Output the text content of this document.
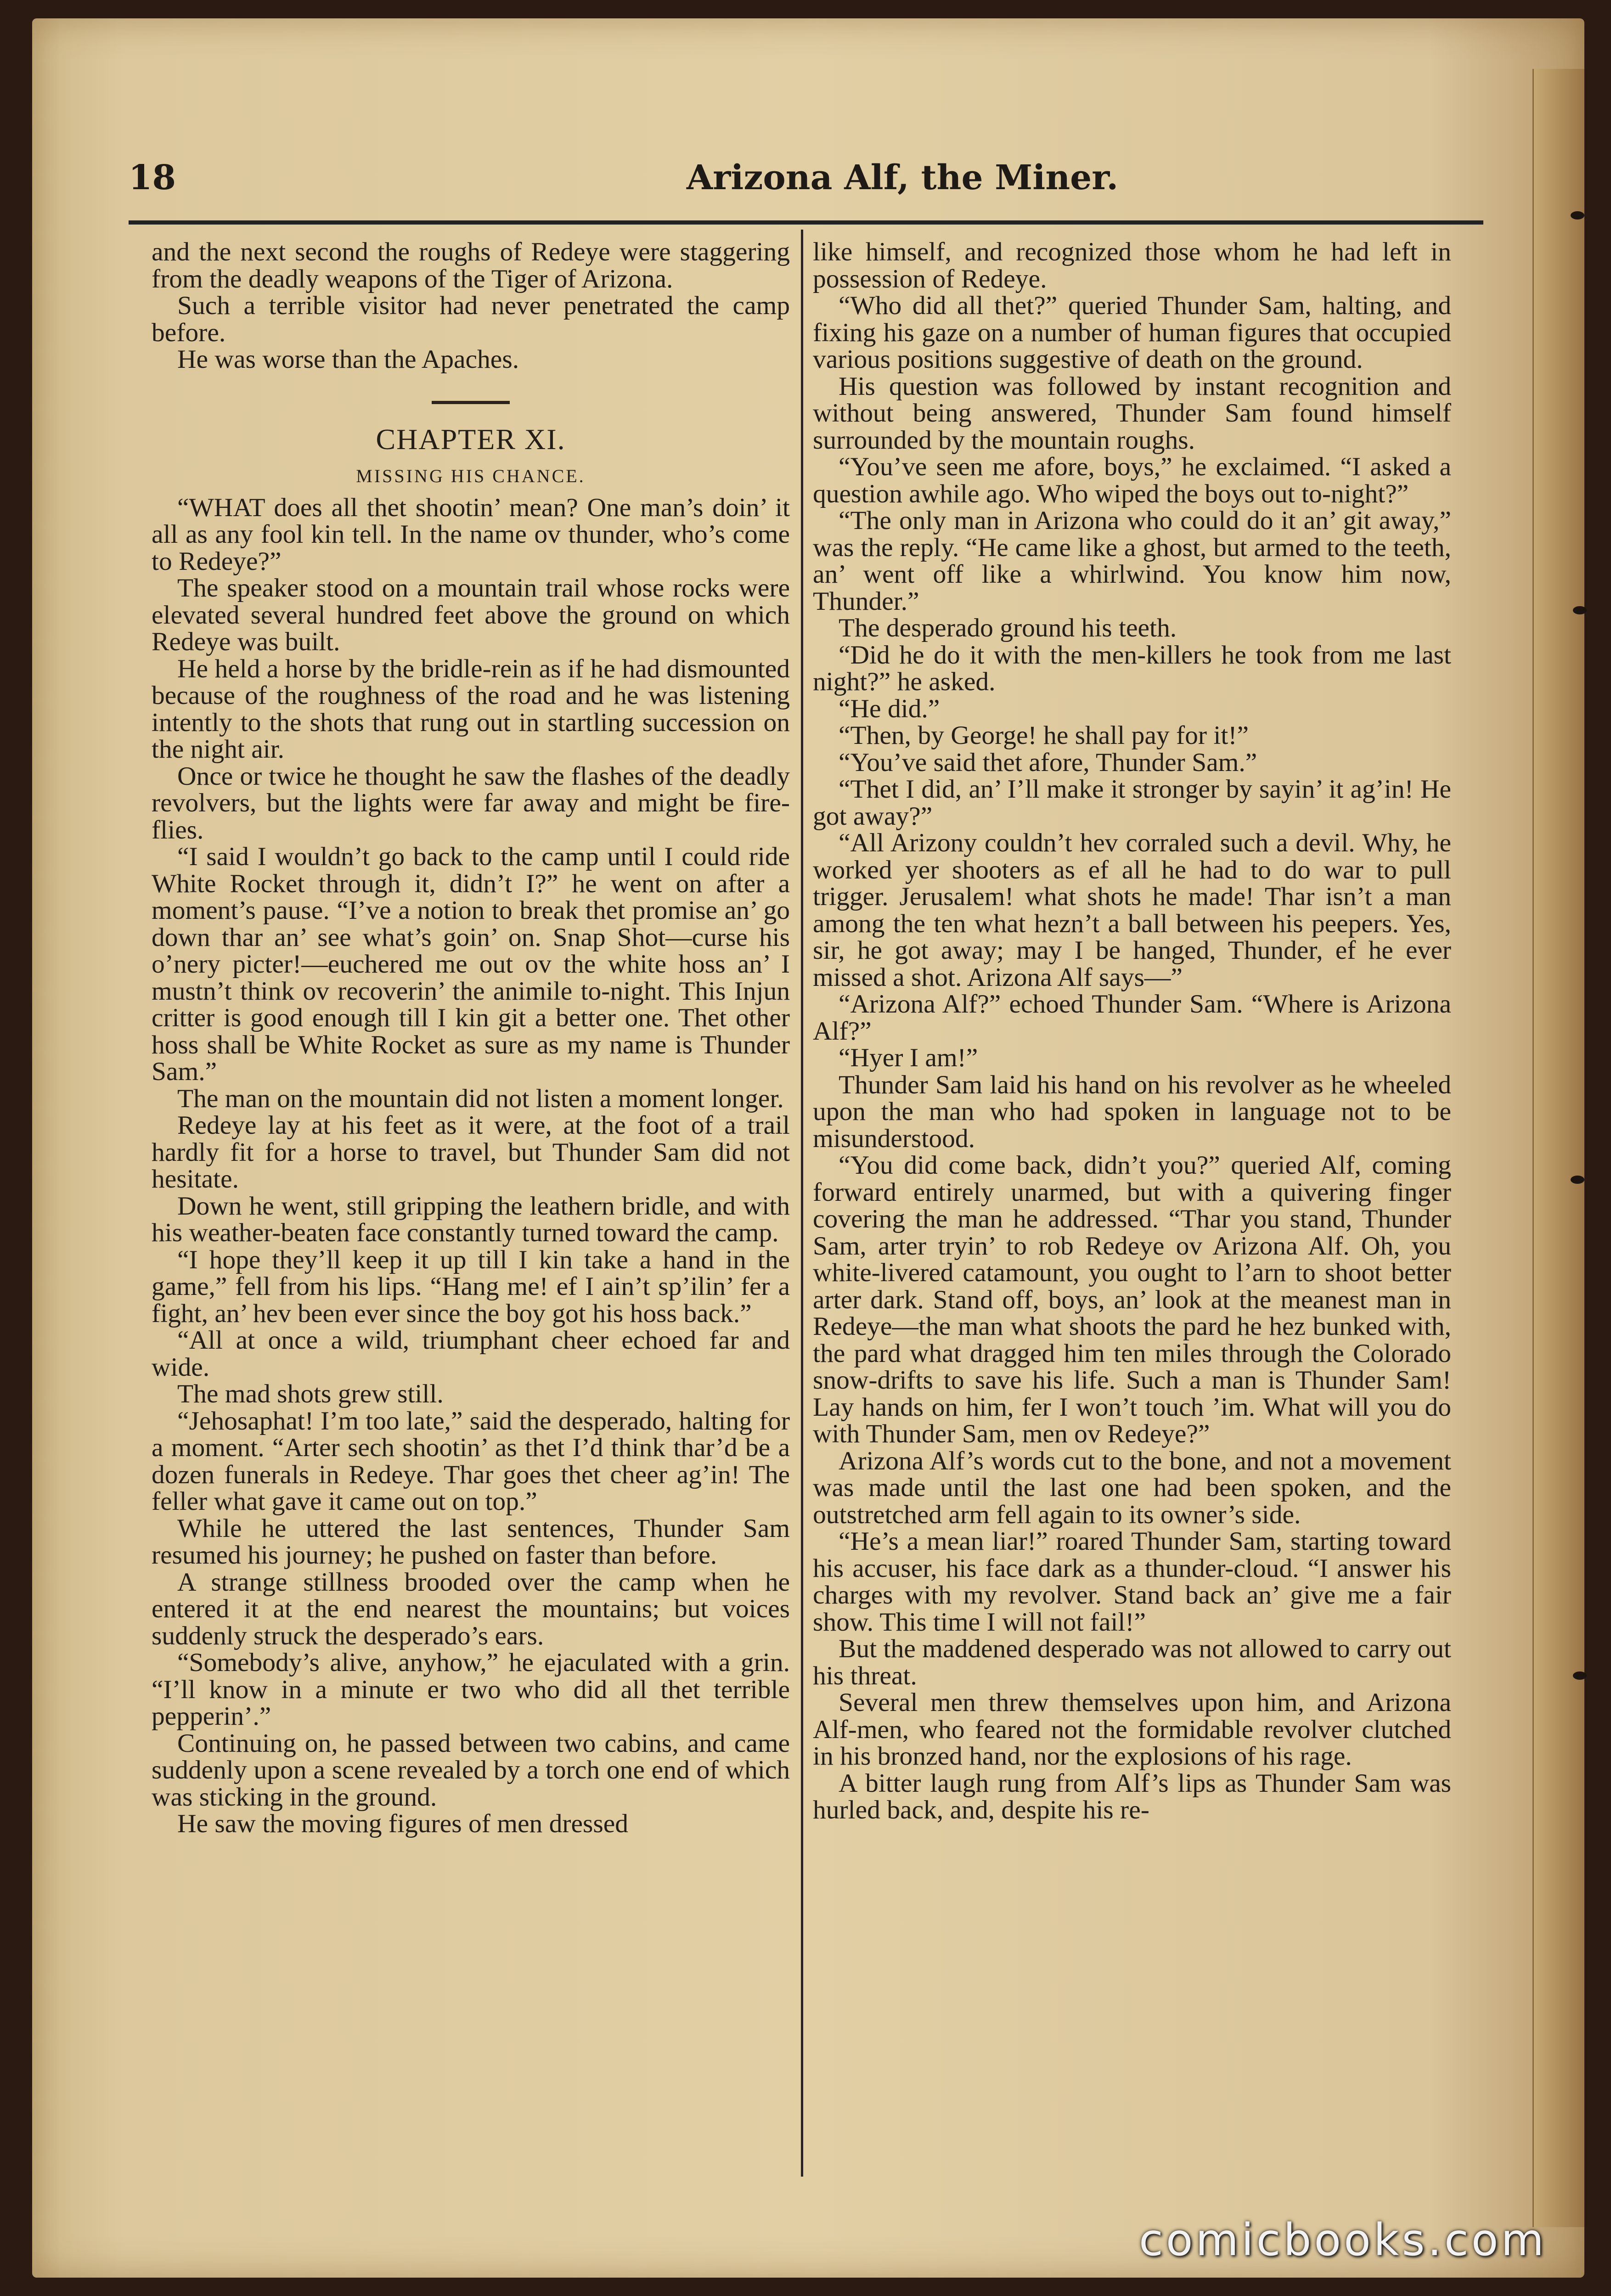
18	Arizona Alf, the Miner.

and the next second the roughs of Redeye were staggering from the deadly weapons of the Tiger of Arizona.

Such a terrible visitor had never penetrated the camp before.

He was worse than the Apaches.

CHAPTER XI.
MISSING HIS CHANCE.

“WHAT does all thet shootin’ mean? One man’s doin’ it all as any fool kin tell. In the name ov thunder, who’s come to Redeye?”

The speaker stood on a mountain trail whose rocks were elevated several hundred feet above the ground on which Redeye was built.

He held a horse by the bridle-rein as if he had dismounted because of the roughness of the road and he was listening intently to the shots that rung out in startling succession on the night air.

Once or twice he thought he saw the flashes of the deadly revolvers, but the lights were far away and might be fire-flies.

“I said I wouldn’t go back to the camp until I could ride White Rocket through it, didn’t I?” he went on after a moment’s pause. “I’ve a notion to break thet promise an’ go down thar an’ see what’s goin’ on. Snap Shot—curse his o’nery picter!—euchered me out ov the white hoss an’ I mustn’t think ov recoverin’ the animile to-night. This Injun critter is good enough till I kin git a better one. Thet other hoss shall be White Rocket as sure as my name is Thunder Sam.”

The man on the mountain did not listen a moment longer.

Redeye lay at his feet as it were, at the foot of a trail hardly fit for a horse to travel, but Thunder Sam did not hesitate.

Down he went, still gripping the leathern bridle, and with his weather-beaten face constantly turned toward the camp.

“I hope they’ll keep it up till I kin take a hand in the game,” fell from his lips. “Hang me! ef I ain’t sp’ilin’ fer a fight, an’ hev been ever since the boy got his hoss back.”

“All at once a wild, triumphant cheer echoed far and wide.

The mad shots grew still.

“Jehosaphat! I’m too late,” said the desperado, halting for a moment. “Arter sech shootin’ as thet I’d think thar’d be a dozen funerals in Redeye. Thar goes thet cheer ag’in! The feller what gave it came out on top.”

While he uttered the last sentences, Thunder Sam resumed his journey; he pushed on faster than before.

A strange stillness brooded over the camp when he entered it at the end nearest the mountains; but voices suddenly struck the desperado’s ears.

“Somebody’s alive, anyhow,” he ejaculated with a grin. “I’ll know in a minute er two who did all thet terrible pepperin’.”

Continuing on, he passed between two cabins, and came suddenly upon a scene revealed by a torch one end of which was sticking in the ground.

He saw the moving figures of men dressed

like himself, and recognized those whom he had left in possession of Redeye.

“Who did all thet?” queried Thunder Sam, halting, and fixing his gaze on a number of human figures that occupied various positions suggestive of death on the ground.

His question was followed by instant recognition and without being answered, Thunder Sam found himself surrounded by the mountain roughs.

“You’ve seen me afore, boys,” he exclaimed. “I asked a question awhile ago. Who wiped the boys out to-night?”

“The only man in Arizona who could do it an’ git away,” was the reply. “He came like a ghost, but armed to the teeth, an’ went off like a whirlwind. You know him now, Thunder.”

The desperado ground his teeth.

“Did he do it with the men-killers he took from me last night?” he asked.

“He did.”

“Then, by George! he shall pay for it!”

“You’ve said thet afore, Thunder Sam.”

“Thet I did, an’ I’ll make it stronger by sayin’ it ag’in! He got away?”

“All Arizony couldn’t hev corraled such a devil. Why, he worked yer shooters as ef all he had to do war to pull trigger. Jerusalem! what shots he made! Thar isn’t a man among the ten what hezn’t a ball between his peepers. Yes, sir, he got away; may I be hanged, Thunder, ef he ever missed a shot. Arizona Alf says—”

“Arizona Alf?” echoed Thunder Sam. “Where is Arizona Alf?”

“Hyer I am!”

Thunder Sam laid his hand on his revolver as he wheeled upon the man who had spoken in language not to be misunderstood.

“You did come back, didn’t you?” queried Alf, coming forward entirely unarmed, but with a quivering finger covering the man he addressed. “Thar you stand, Thunder Sam, arter tryin’ to rob Redeye ov Arizona Alf. Oh, you white-livered catamount, you ought to l’arn to shoot better arter dark. Stand off, boys, an’ look at the meanest man in Redeye—the man what shoots the pard he hez bunked with, the pard what dragged him ten miles through the Colorado snow-drifts to save his life. Such a man is Thunder Sam! Lay hands on him, fer I won’t touch ’im. What will you do with Thunder Sam, men ov Redeye?”

Arizona Alf’s words cut to the bone, and not a movement was made until the last one had been spoken, and the outstretched arm fell again to its owner’s side.

“He’s a mean liar!” roared Thunder Sam, starting toward his accuser, his face dark as a thunder-cloud. “I answer his charges with my revolver. Stand back an’ give me a fair show. This time I will not fail!”

But the maddened desperado was not allowed to carry out his threat.

Several men threw themselves upon him, and Arizona Alf-men, who feared not the formidable revolver clutched in his bronzed hand, nor the explosions of his rage.

A bitter laugh rung from Alf’s lips as Thunder Sam was hurled back, and, despite his re-

comicbooks.com
